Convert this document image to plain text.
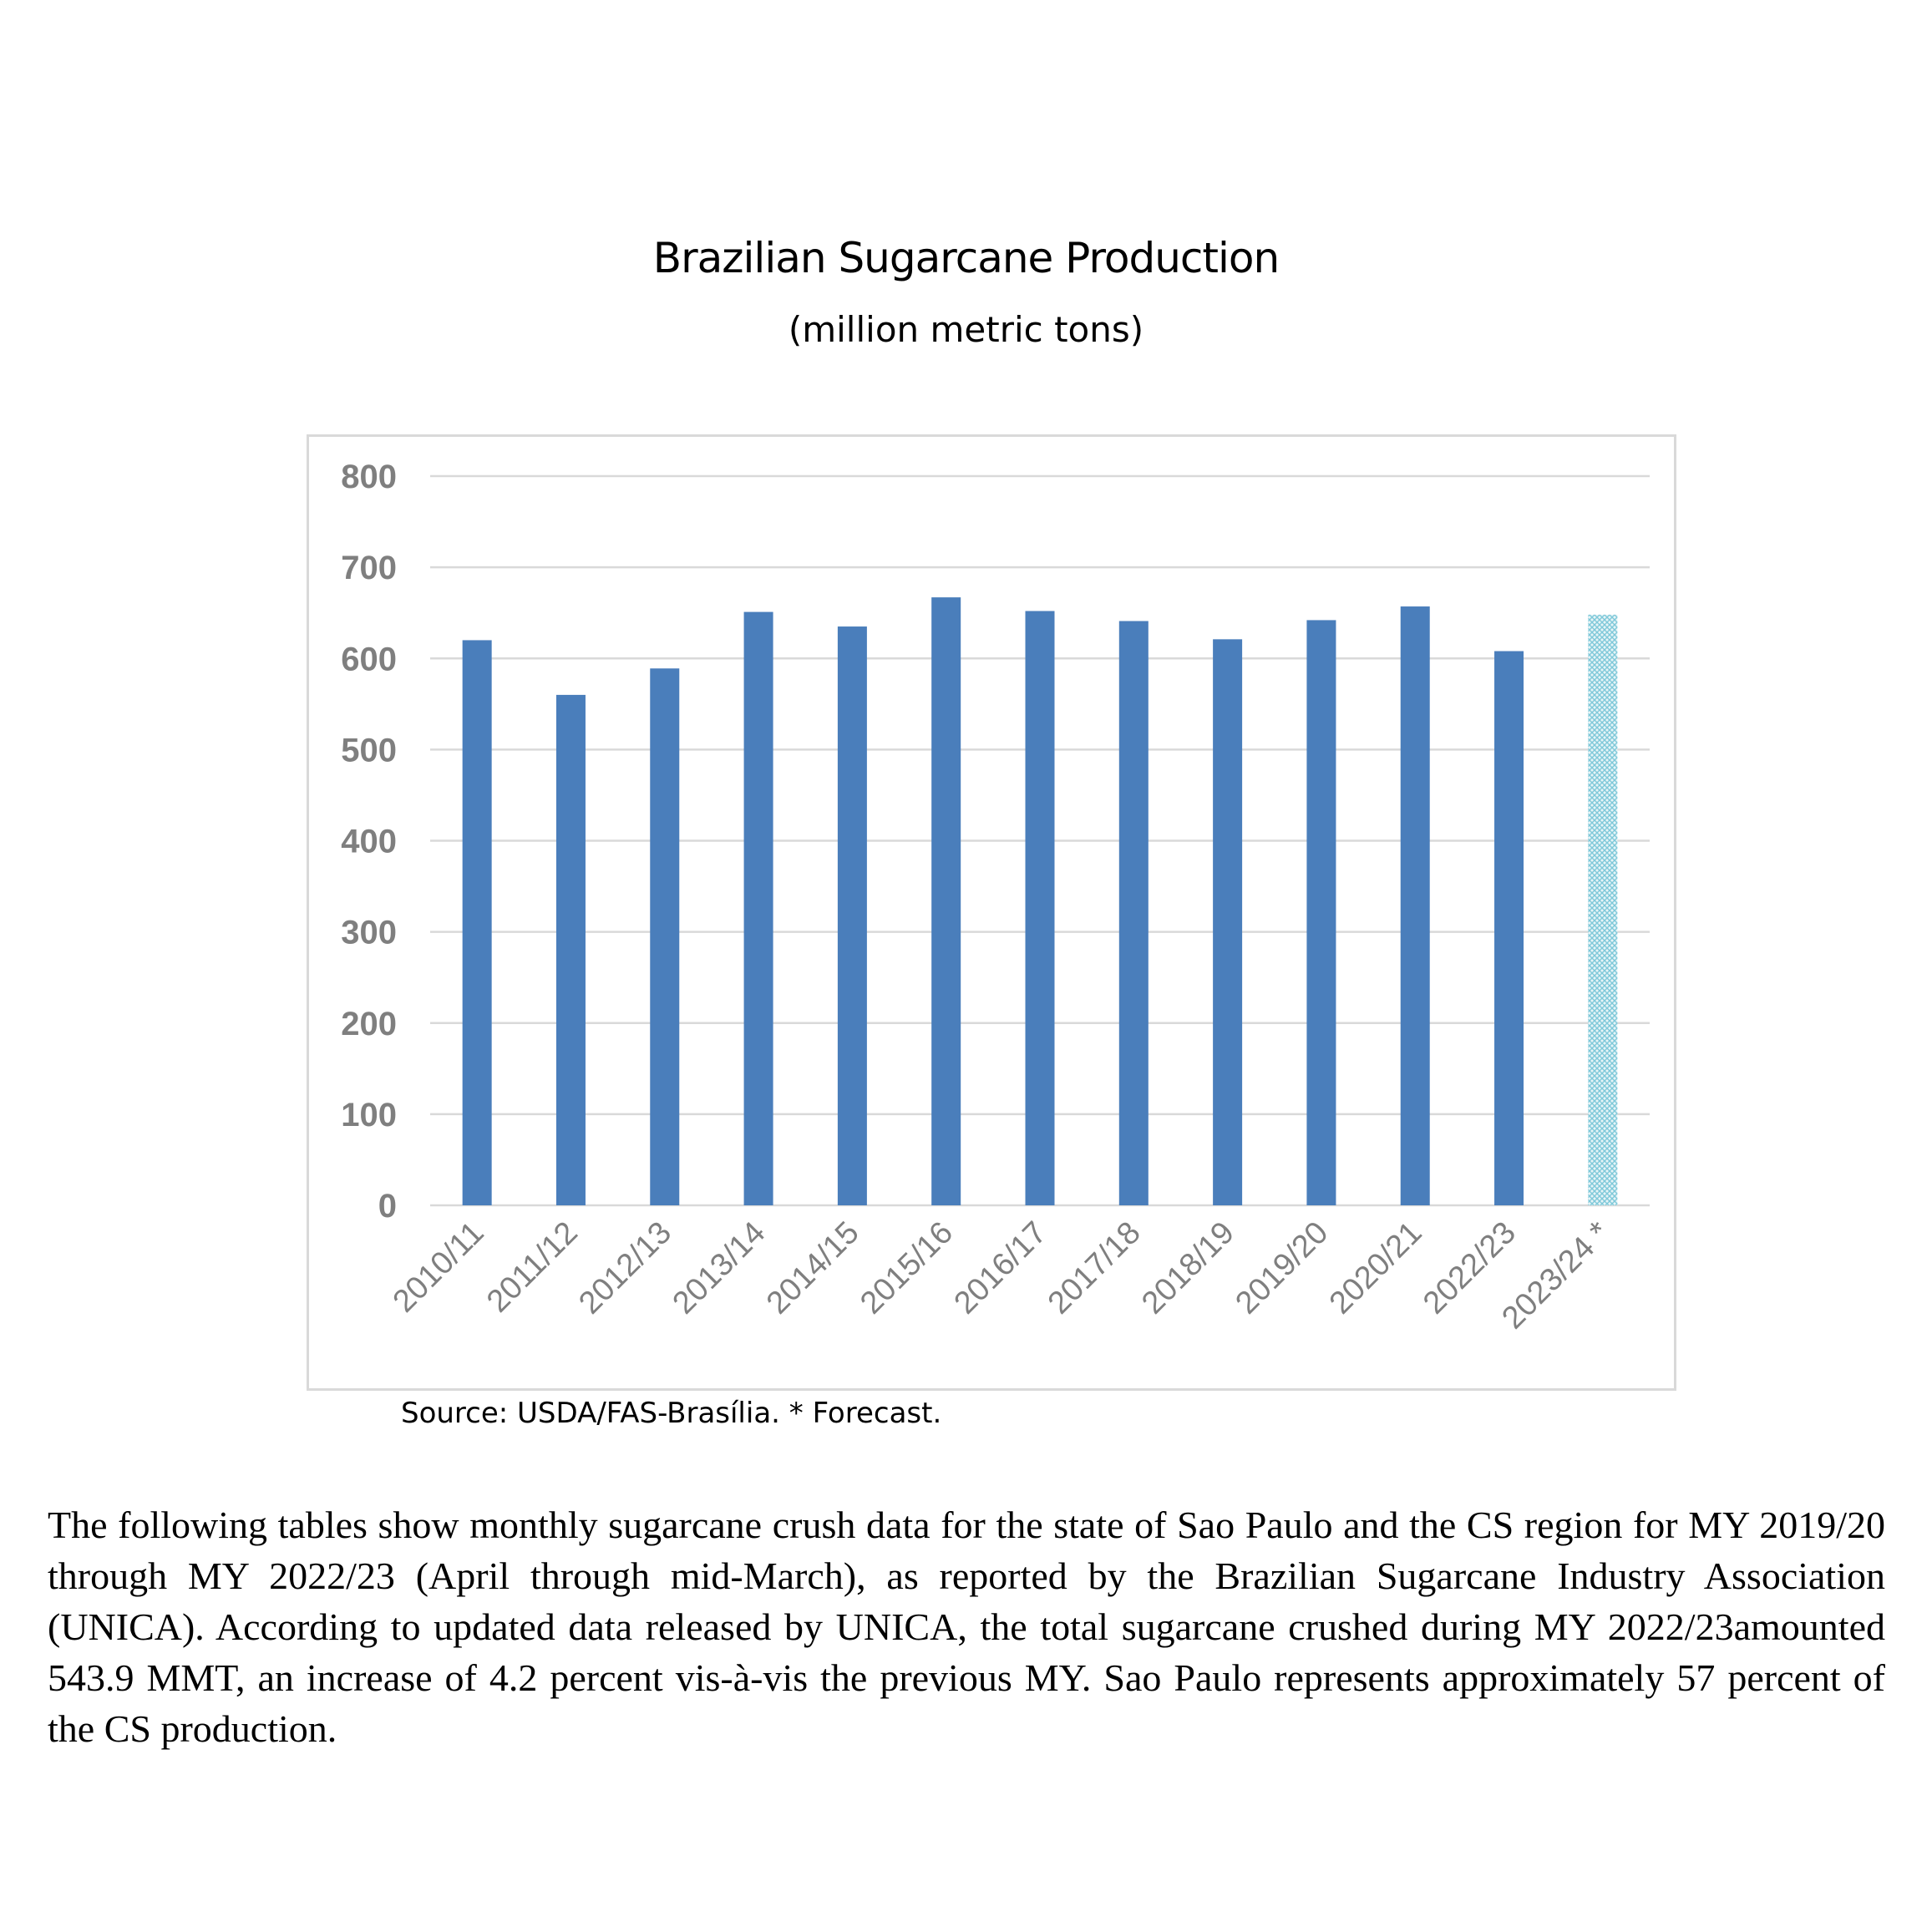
Brazilian Sugarcane Production
(million metric tons)
0
100
200
300
400
500
600
700
800
2010/11
2011/12
2012/13
2013/14
2014/15
2015/16
2016/17
2017/18
2018/19
2019/20
2020/21
2022/23
2023/24 *
Source: USDA/FAS-Brasília. * Forecast.
The following tables show monthly sugarcane crush data for the state of Sao Paulo and the CS region for MY 2019/20 through MY 2022/23 (April through mid-March), as reported by the Brazilian Sugarcane Industry Association (UNICA). According to updated data released by UNICA, the total sugarcane crushed during MY 2022/23amounted 543.9 MMT, an increase of 4.2 percent vis-à-vis the previous MY. Sao Paulo represents approximately 57 percent of the CS production.
